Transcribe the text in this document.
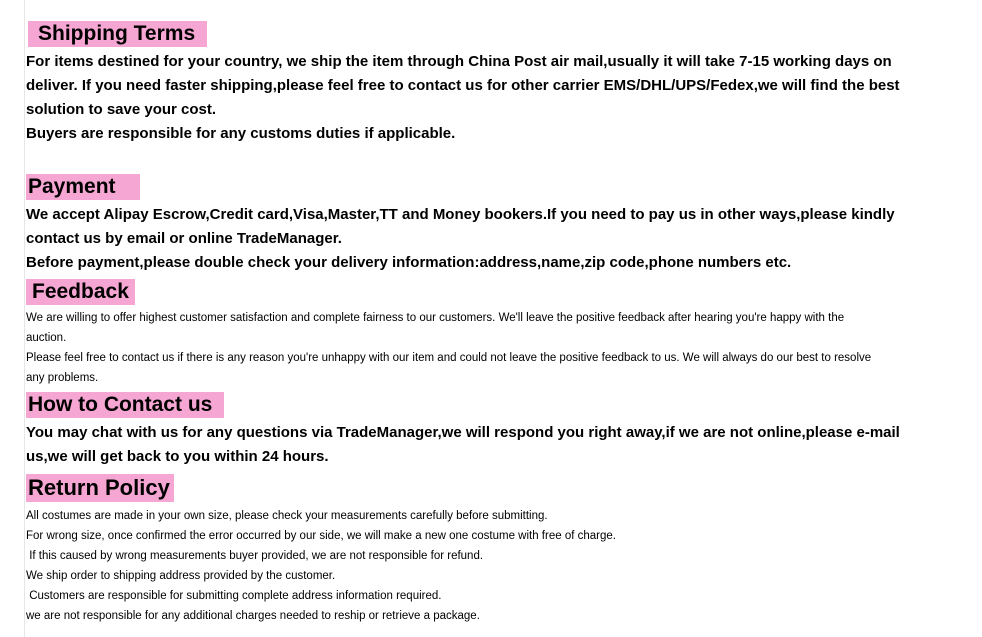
Shipping Terms
For items destined for your country, we ship the item through China Post air mail,usually it will take 7-15 working days on
deliver. If you need faster shipping,please feel free to contact us for other carrier EMS/DHL/UPS/Fedex,we will find the best
solution to save your cost.
Buyers are responsible for any customs duties if applicable.
Payment
We accept Alipay Escrow,Credit card,Visa,Master,TT and Money bookers.If you need to pay us in other ways,please kindly
contact us by email or online TradeManager.
Before payment,please double check your delivery information:address,name,zip code,phone numbers etc.
Feedback
We are willing to offer highest customer satisfaction and complete fairness to our customers. We'll leave the positive feedback after hearing you're happy with the
auction.
Please feel free to contact us if there is any reason you're unhappy with our item and could not leave the positive feedback to us. We will always do our best to resolve
any problems.
How to Contact us
You may chat with us for any questions via TradeManager,we will respond you right away,if we are not online,please e-mail
us,we will get back to you within 24 hours.
Return Policy
All costumes are made in your own size, please check your measurements carefully before submitting.
For wrong size, once confirmed the error occurred by our side, we will make a new one costume with free of charge.
If this caused by wrong measurements buyer provided, we are not responsible for refund.
We ship order to shipping address provided by the customer.
Customers are responsible for submitting complete address information required.
we are not responsible for any additional charges needed to reship or retrieve a package.
